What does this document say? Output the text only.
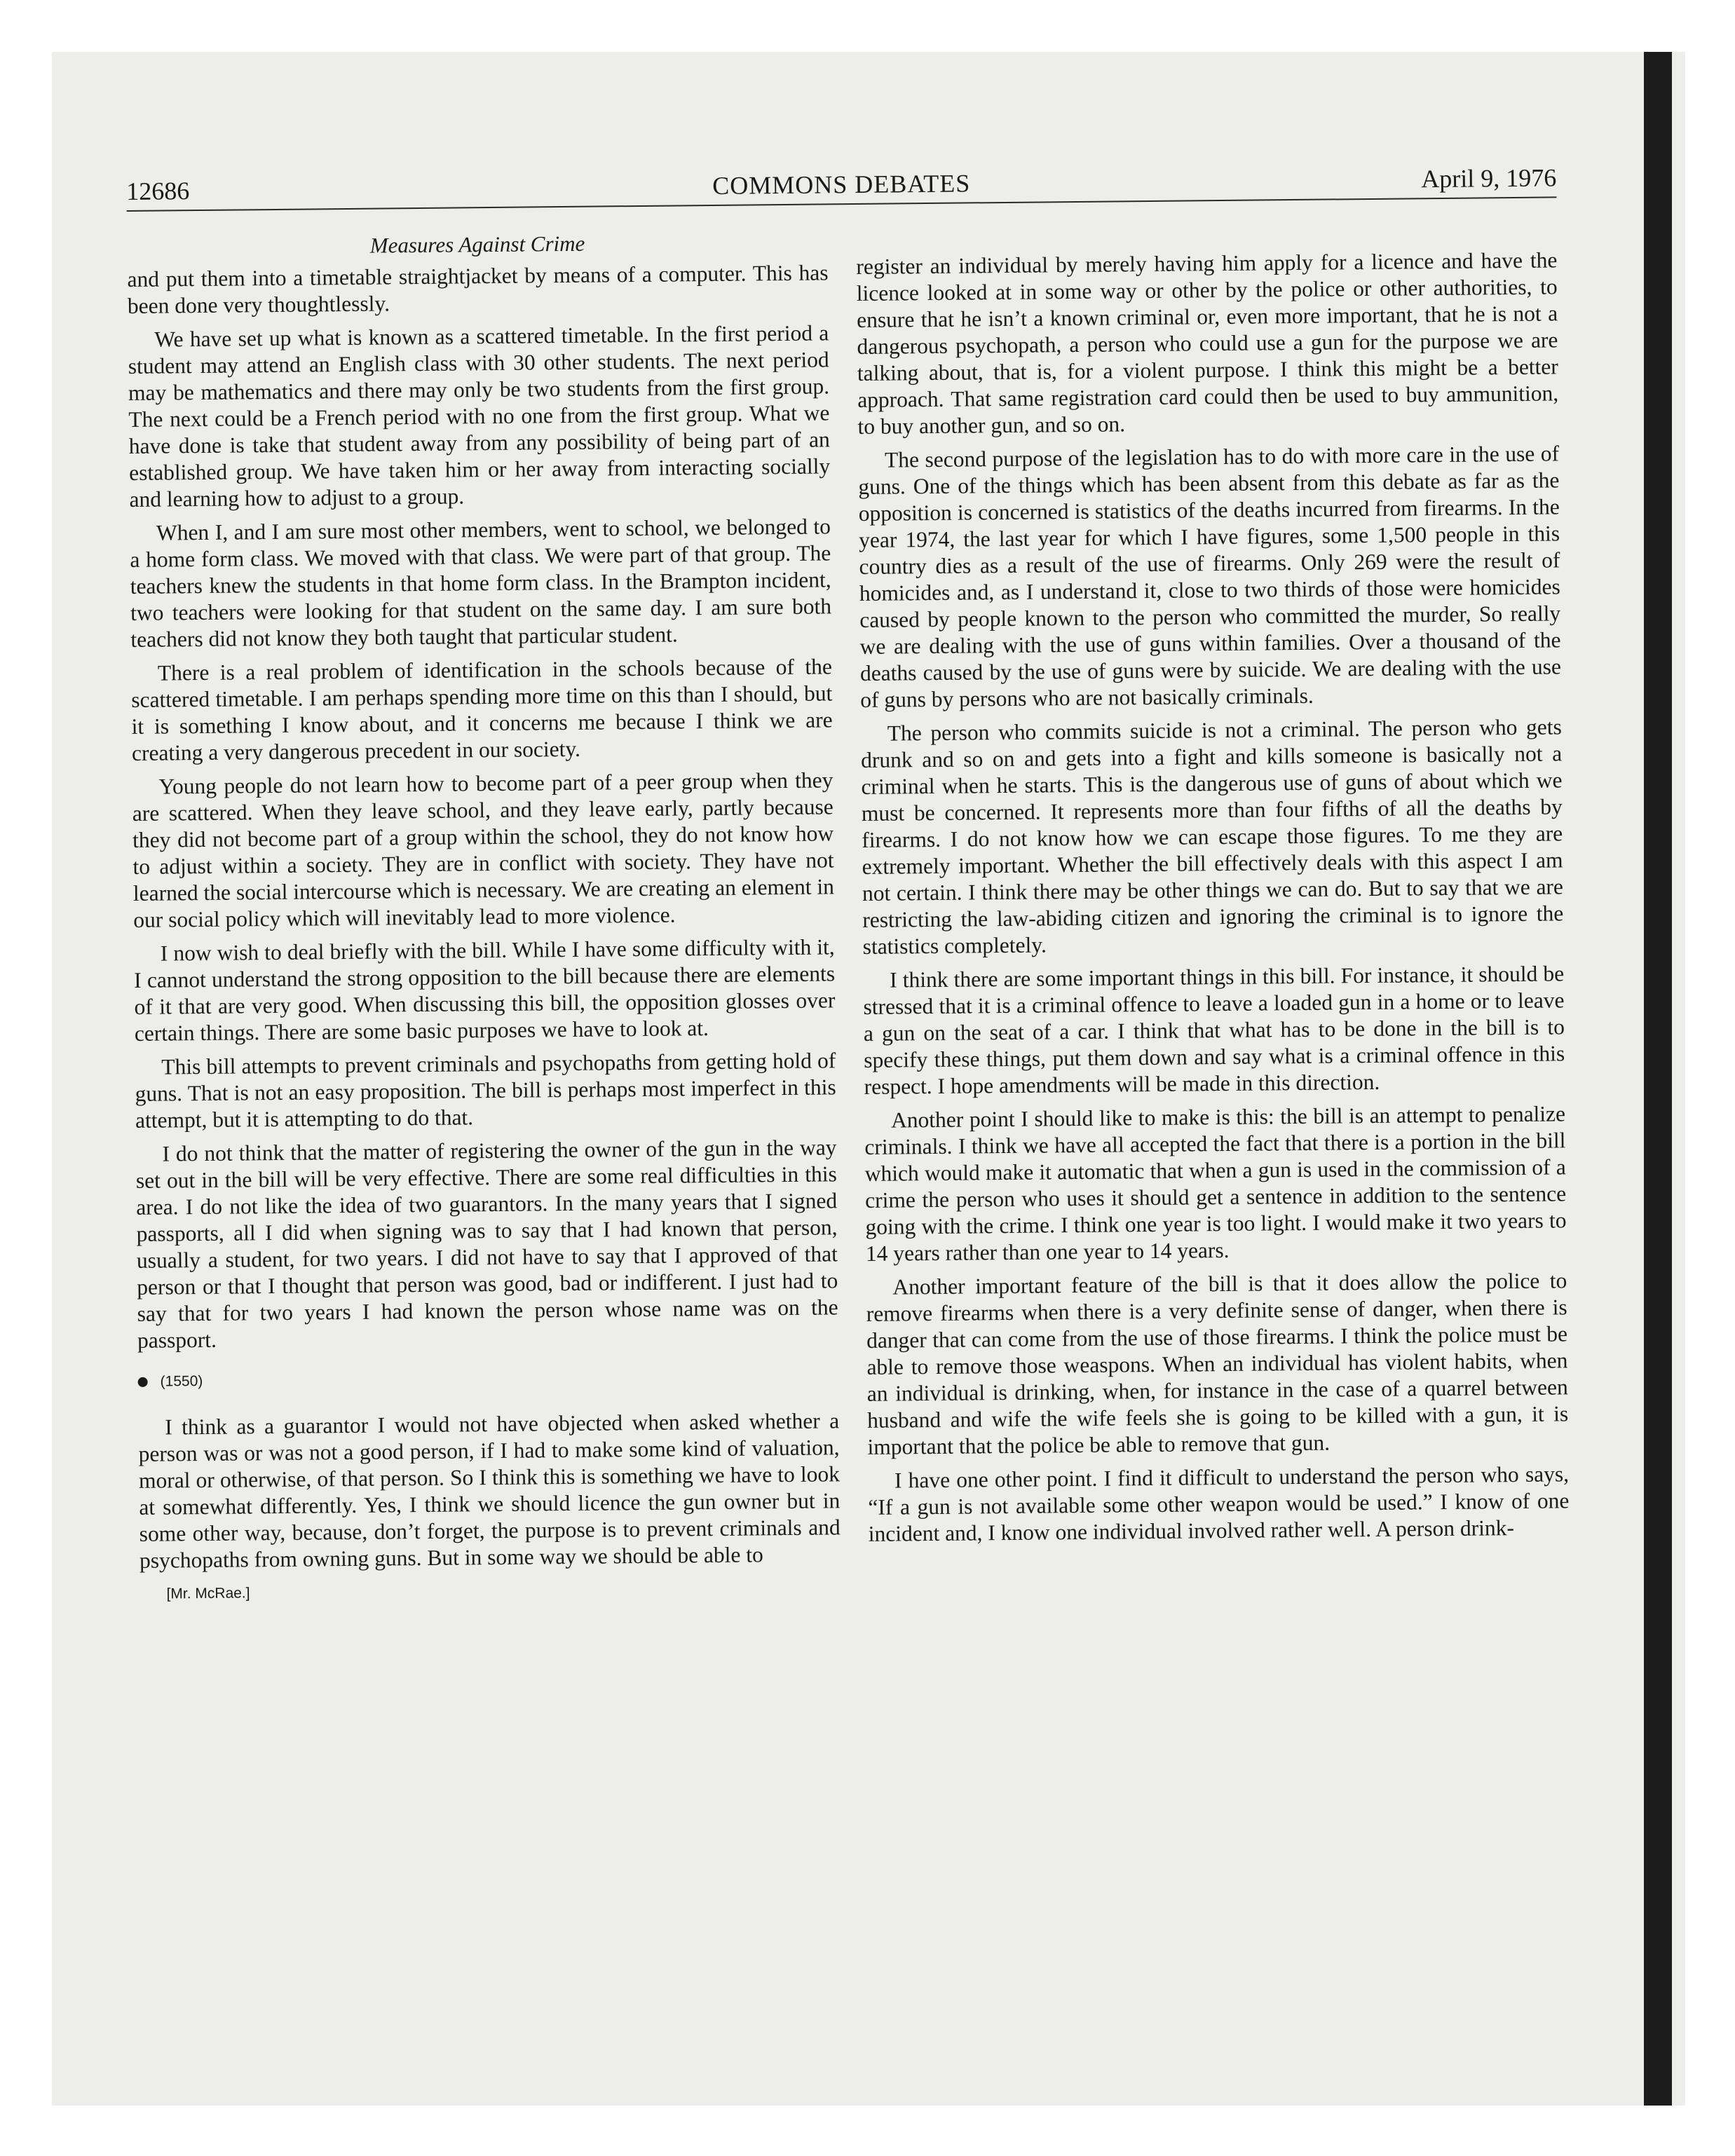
12686	COMMONS DEBATES	April 9, 1976
Measures Against Crime

and put them into a timetable straightjacket by means of a computer. This has been done very thoughtlessly.

We have set up what is known as a scattered timetable. In the first period a student may attend an English class with 30 other students. The next period may be mathematics and there may only be two students from the first group. The next could be a French period with no one from the first group. What we have done is take that student away from any possibility of being part of an established group. We have taken him or her away from interacting socially and learning how to adjust to a group.

When I, and I am sure most other members, went to school, we belonged to a home form class. We moved with that class. We were part of that group. The teachers knew the students in that home form class. In the Brampton incident, two teachers were looking for that student on the same day. I am sure both teachers did not know they both taught that particular student.

There is a real problem of identification in the schools because of the scattered timetable. I am perhaps spending more time on this than I should, but it is something I know about, and it concerns me because I think we are creating a very dangerous precedent in our society.

Young people do not learn how to become part of a peer group when they are scattered. When they leave school, and they leave early, partly because they did not become part of a group within the school, they do not know how to adjust within a society. They are in conflict with society. They have not learned the social intercourse which is necessary. We are creating an element in our social policy which will inevitably lead to more violence.

I now wish to deal briefly with the bill. While I have some difficulty with it, I cannot understand the strong opposition to the bill because there are elements of it that are very good. When discussing this bill, the opposition glosses over certain things. There are some basic purposes we have to look at.

This bill attempts to prevent criminals and psychopaths from getting hold of guns. That is not an easy proposition. The bill is perhaps most imperfect in this attempt, but it is attempting to do that.

I do not think that the matter of registering the owner of the gun in the way set out in the bill will be very effective. There are some real difficulties in this area. I do not like the idea of two guarantors. In the many years that I signed passports, all I did when signing was to say that I had known that person, usually a student, for two years. I did not have to say that I approved of that person or that I thought that person was good, bad or indifferent. I just had to say that for two years I had known the person whose name was on the passport.

(1550)

I think as a guarantor I would not have objected when asked whether a person was or was not a good person, if I had to make some kind of valuation, moral or otherwise, of that person. So I think this is something we have to look at somewhat differently. Yes, I think we should licence the gun owner but in some other way, because, don’t forget, the purpose is to prevent criminals and psychopaths from owning guns. But in some way we should be able to

[Mr. McRae.]

register an individual by merely having him apply for a licence and have the licence looked at in some way or other by the police or other authorities, to ensure that he isn’t a known criminal or, even more important, that he is not a dangerous psychopath, a person who could use a gun for the purpose we are talking about, that is, for a violent purpose. I think this might be a better approach. That same registration card could then be used to buy ammunition, to buy another gun, and so on.

The second purpose of the legislation has to do with more care in the use of guns. One of the things which has been absent from this debate as far as the opposition is concerned is statistics of the deaths incurred from firearms. In the year 1974, the last year for which I have figures, some 1,500 people in this country dies as a result of the use of firearms. Only 269 were the result of homicides and, as I understand it, close to two thirds of those were homicides caused by people known to the person who committed the murder, So really we are dealing with the use of guns within families. Over a thousand of the deaths caused by the use of guns were by suicide. We are dealing with the use of guns by persons who are not basically criminals.

The person who commits suicide is not a criminal. The person who gets drunk and so on and gets into a fight and kills someone is basically not a criminal when he starts. This is the dangerous use of guns of about which we must be concerned. It represents more than four fifths of all the deaths by firearms. I do not know how we can escape those figures. To me they are extremely important. Whether the bill effectively deals with this aspect I am not certain. I think there may be other things we can do. But to say that we are restricting the law-abiding citizen and ignoring the criminal is to ignore the statistics completely.

I think there are some important things in this bill. For instance, it should be stressed that it is a criminal offence to leave a loaded gun in a home or to leave a gun on the seat of a car. I think that what has to be done in the bill is to specify these things, put them down and say what is a criminal offence in this respect. I hope amendments will be made in this direction.

Another point I should like to make is this: the bill is an attempt to penalize criminals. I think we have all accepted the fact that there is a portion in the bill which would make it automatic that when a gun is used in the commission of a crime the person who uses it should get a sentence in addition to the sentence going with the crime. I think one year is too light. I would make it two years to 14 years rather than one year to 14 years.

Another important feature of the bill is that it does allow the police to remove firearms when there is a very definite sense of danger, when there is danger that can come from the use of those firearms. I think the police must be able to remove those weaspons. When an individual has violent habits, when an individual is drinking, when, for instance in the case of a quarrel between husband and wife the wife feels she is going to be killed with a gun, it is important that the police be able to remove that gun.

I have one other point. I find it difficult to understand the person who says, “If a gun is not available some other weapon would be used.” I know of one incident and, I know one individual involved rather well. A person drink-
